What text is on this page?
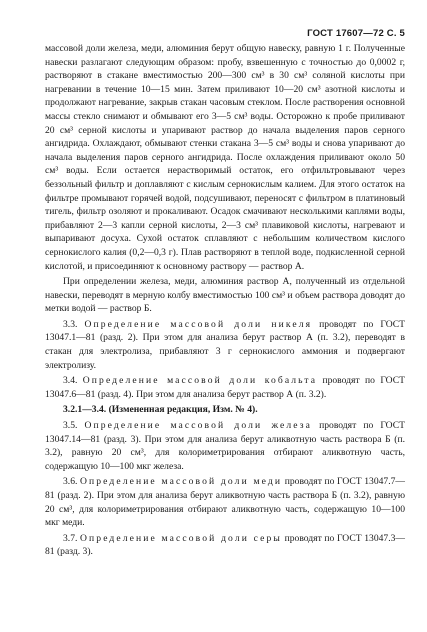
ГОСТ 17607—72 С. 5

массовой доли железа, меди, алюминия берут общую навеску, равную 1 г. Полученные навески разлагают следующим образом: пробу, взвешенную с точностью до 0,0002 г, растворяют в стакане вместимостью 200—300 см³ в 30 см³ соляной кислоты при нагревании в течение 10—15 мин. Затем приливают 10—20 см³ азотной кислоты и продолжают нагревание, закрыв стакан часовым стеклом. После растворения основной массы стекло снимают и обмывают его 3—5 см³ воды. Осторожно к пробе приливают 20 см³ серной кислоты и упаривают раствор до начала выделения паров серного ангидрида. Охлаждают, обмывают стенки стакана 3—5 см³ воды и снова упаривают до начала выделения паров серного ангидрида. После охлаждения приливают около 50 см³ воды. Если остается нерастворимый остаток, его отфильтровывают через беззольный фильтр и доплавляют с кислым сернокислым калием. Для этого остаток на фильтре промывают горячей водой, подсушивают, переносят с фильтром в платиновый тигель, фильтр озоляют и прокаливают. Осадок смачивают несколькими каплями воды, прибавляют 2—3 капли серной кислоты, 2—3 см³ плавиковой кислоты, нагревают и выпаривают досуха. Сухой остаток сплавляют с небольшим количеством кислого сернокислого калия (0,2—0,3 г). Плав растворяют в теплой воде, подкисленной серной кислотой, и присоединяют к основному раствору — раствор А.

При определении железа, меди, алюминия раствор А, полученный из отдельной навески, переводят в мерную колбу вместимостью 100 см³ и объем раствора доводят до метки водой — раствор Б.

3.3. Определение массовой доли никеля проводят по ГОСТ 13047.1—81 (разд. 2). При этом для анализа берут раствор А (п. 3.2), переводят в стакан для электролиза, прибавляют 3 г сернокислого аммония и подвергают электролизу.

3.4. Определение массовой доли кобальта проводят по ГОСТ 13047.6—81 (разд. 4). При этом для анализа берут раствор А (п. 3.2).

3.2.1—3.4. (Измененная редакция, Изм. № 4).

3.5. Определение массовой доли железа проводят по ГОСТ 13047.14—81 (разд. 3). При этом для анализа берут аликвотную часть раствора Б (п. 3.2), равную 20 см³, для колориметрирования отбирают аликвотную часть, содержащую 10—100 мкг железа.

3.6. Определение массовой доли меди проводят по ГОСТ 13047.7—81 (разд. 2). При этом для анализа берут аликвотную часть раствора Б (п. 3.2), равную 20 см³, для колориметрирования отбирают аликвотную часть, содержащую 10—100 мкг меди.

3.7. Определение массовой доли серы проводят по ГОСТ 13047.3—81 (разд. 3).
